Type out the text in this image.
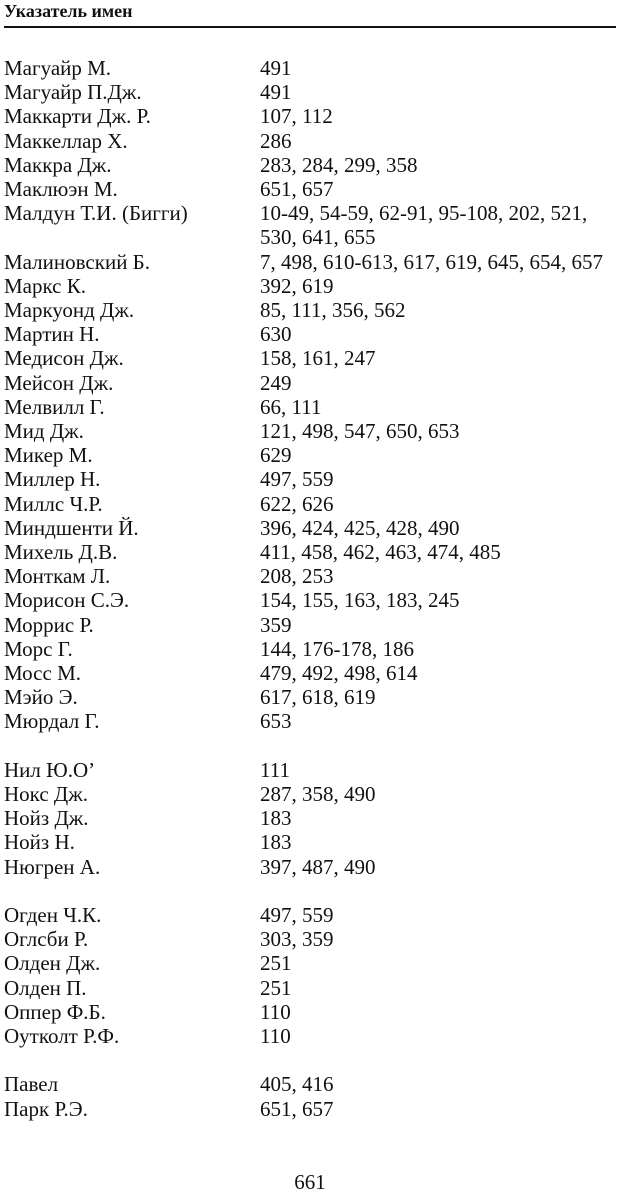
Указатель имен
Магуайр М.	491
Магуайр П.Дж.	491
Маккарти Дж. Р.	107, 112
Маккеллар X.	286
Маккра Дж.	283, 284, 299, 358
Маклюэн М.	651, 657
Малдун Т.И. (Бигги)	10-49, 54-59, 62-91, 95-108, 202, 521, 530, 641, 655
Малиновский Б.	7, 498, 610-613, 617, 619, 645, 654, 657
Маркс К.	392, 619
Маркуонд Дж.	85, 111, 356, 562
Мартин Н.	630
Медисон Дж.	158, 161, 247
Мейсон Дж.	249
Мелвилл Г.	66, 111
Мид Дж.	121, 498, 547, 650, 653
Микер М.	629
Миллер Н.	497, 559
Миллс Ч.Р.	622, 626
Миндшенти Й.	396, 424, 425, 428, 490
Михель Д.В.	411, 458, 462, 463, 474, 485
Монткам Л.	208, 253
Морисон С.Э.	154, 155, 163, 183, 245
Моррис Р.	359
Морс Г.	144, 176-178, 186
Мосс М.	479, 492, 498, 614
Мэйо Э.	617, 618, 619
Мюрдал Г.	653
Нил Ю.О’	111
Нокс Дж.	287, 358, 490
Нойз Дж.	183
Нойз Н.	183
Нюгрен А.	397, 487, 490
Огден Ч.К.	497, 559
Оглсби Р.	303, 359
Олден Дж.	251
Олден П.	251
Оппер Ф.Б.	110
Оутколт Р.Ф.	110
Павел	405, 416
Парк Р.Э.	651, 657
661
